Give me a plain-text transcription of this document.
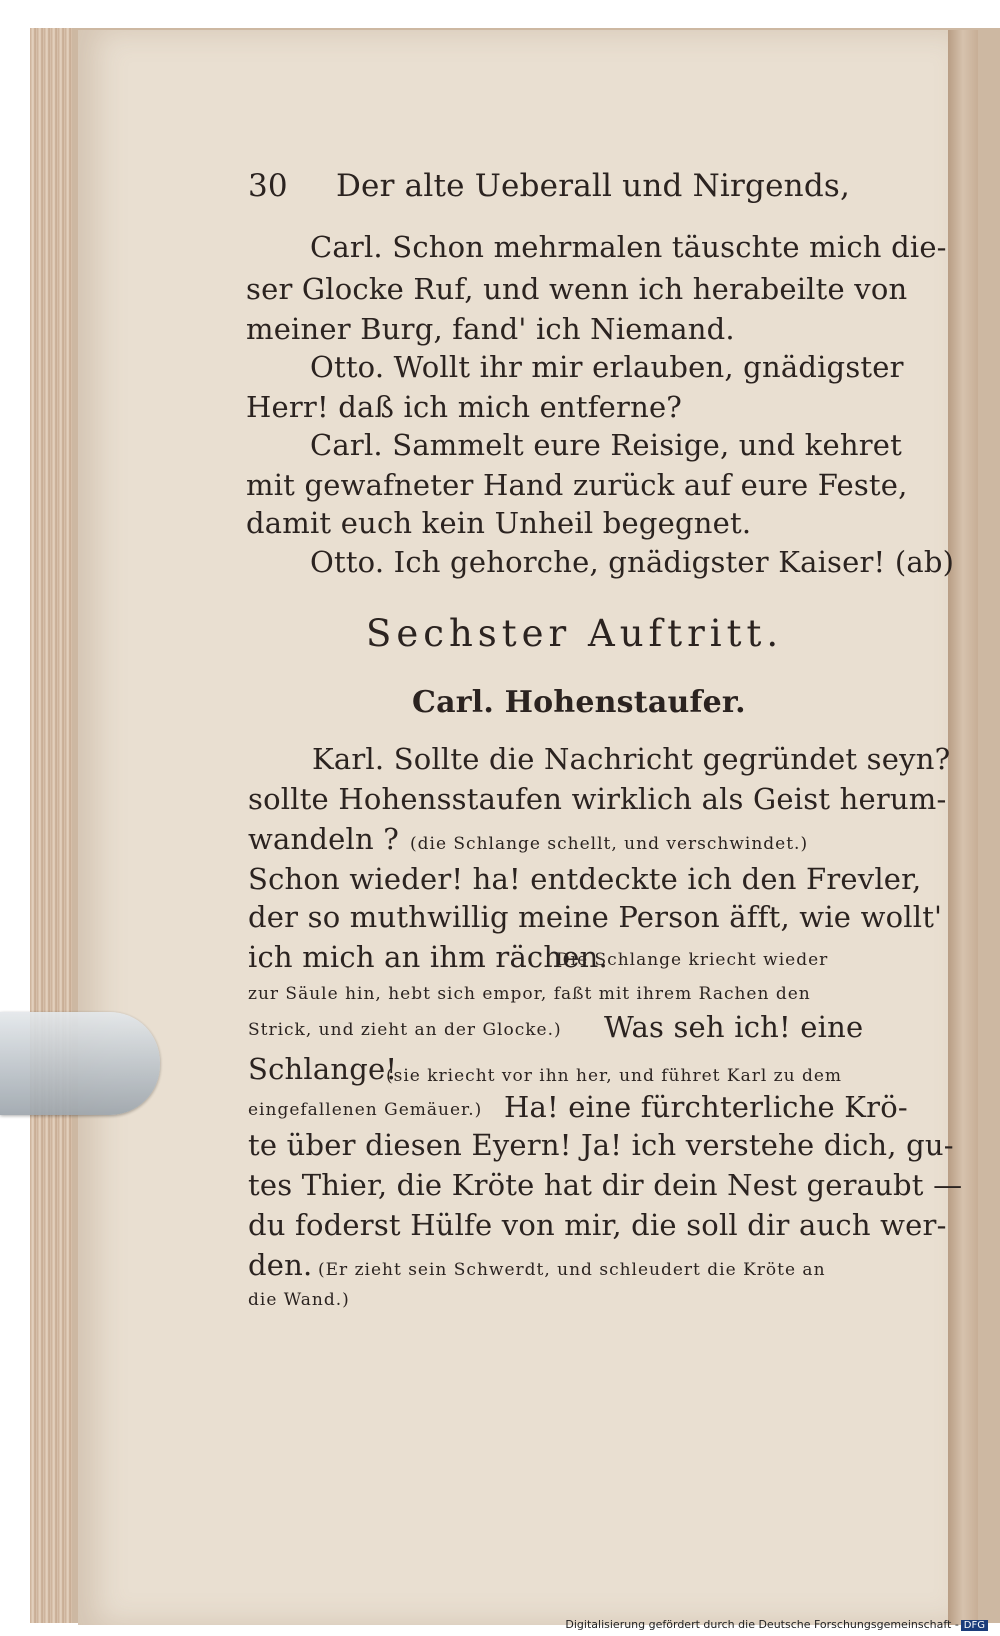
30 Der alte Ueberall und Nirgends,
Carl. Schon mehrmalen täuschte mich die-
ser Glocke Ruf, und wenn ich herabeilte von
meiner Burg, fand' ich Niemand.
Otto. Wollt ihr mir erlauben, gnädigster
Herr! daß ich mich entferne?
Carl. Sammelt eure Reisige, und kehret
mit gewafneter Hand zurück auf eure Feste,
damit euch kein Unheil begegnet.
Otto. Ich gehorche, gnädigster Kaiser! (ab)
Sechster Auftritt.
Carl. Hohenstaufer.
Karl. Sollte die Nachricht gegründet seyn?
sollte Hohensstaufen wirklich als Geist herum-
wandeln ? (die Schlange schellt, und verschwindet.)
Schon wieder! ha! entdeckte ich den Frevler,
der so muthwillig meine Person äfft, wie wollt'
ich mich an ihm rächen.
Die Schlange kriecht wieder
zur Säule hin, hebt sich empor, faßt mit ihrem Rachen den
Strick, und zieht an der Glocke.) Was seh ich! eine
Schlange!
(sie kriecht vor ihn her, und führet Karl zu dem
eingefallenen Gemäuer.) Ha! eine fürchterliche Krö-
te über diesen Eyern! Ja! ich verstehe dich, gu-
tes Thier, die Kröte hat dir dein Nest geraubt —
du foderst Hülfe von mir, die soll dir auch wer-
den. (Er zieht sein Schwerdt, und schleudert die Kröte an
die Wand.)
Digitalisierung gefördert durch die Deutsche Forschungsgemeinschaft - DFG
